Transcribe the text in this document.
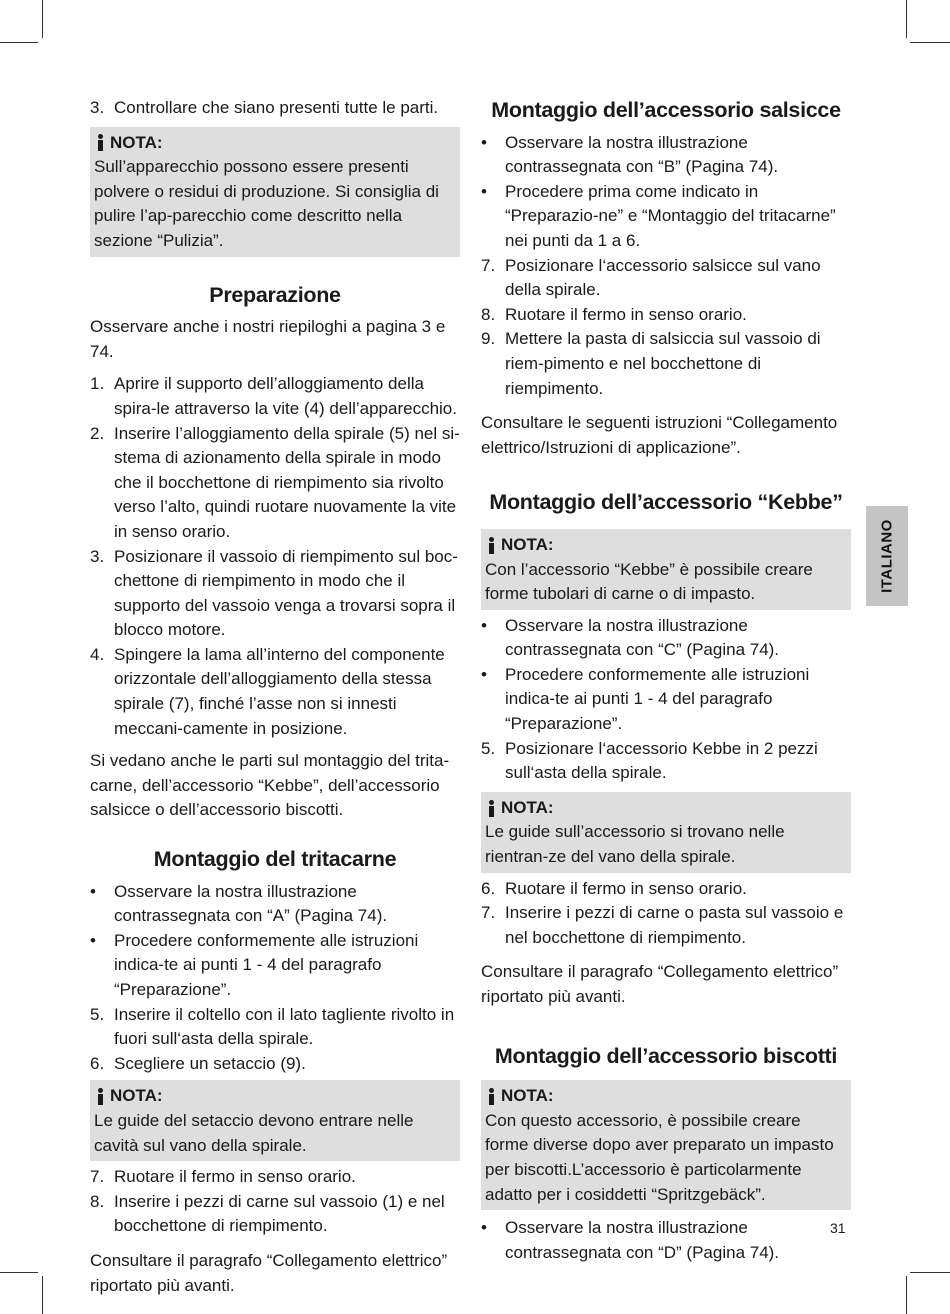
3. Controllare che siano presenti tutte le parti.
NOTA:

Sull’apparecchio possono essere presenti polvere o residui di produzione. Si consiglia di pulire l’ap-parecchio come descritto nella sezione “Pulizia”.

Preparazione

Osservare anche i nostri riepiloghi a pagina 3 e 74.

1. Aprire il supporto dell’alloggiamento della spira-le attraverso la vite (4) dell’apparecchio.
2. Inserire l’alloggiamento della spirale (5) nel si-stema di azionamento della spirale in modo che il bocchettone di riempimento sia rivolto verso l’alto, quindi ruotare nuovamente la vite in senso orario.
3. Posizionare il vassoio di riempimento sul boc-chettone di riempimento in modo che il supporto del vassoio venga a trovarsi sopra il blocco motore.
4. Spingere la lama all’interno del componente orizzontale dell’alloggiamento della stessa spirale (7), finché l’asse non si innesti meccani-camente in posizione.

Si vedano anche le parti sul montaggio del trita-carne, dell’accessorio “Kebbe”, dell’accessorio salsicce o dell’accessorio biscotti.

Montaggio del tritacarne
• Osservare la nostra illustrazione contrassegnata con “A” (Pagina 74).
• Procedere conformemente alle istruzioni indica-te ai punti 1 - 4 del paragrafo “Preparazione”.
5. Inserire il coltello con il lato tagliente rivolto in fuori sull‘asta della spirale.
6. Scegliere un setaccio (9).
NOTA:

Le guide del setaccio devono entrare nelle cavità sul vano della spirale.

7. Ruotare il fermo in senso orario.
8. Inserire i pezzi di carne sul vassoio (1) e nel bocchettone di riempimento.

Consultare il paragrafo “Collegamento elettrico” riportato più avanti.

Montaggio dell’accessorio salsicce
• Osservare la nostra illustrazione contrassegnata con “B” (Pagina 74).
• Procedere prima come indicato in “Preparazio-ne” e “Montaggio del tritacarne” nei punti da 1 a 6.
7. Posizionare l‘accessorio salsicce sul vano della spirale.
8. Ruotare il fermo in senso orario.
9. Mettere la pasta di salsiccia sul vassoio di riem-pimento e nel bocchettone di riempimento.

Consultare le seguenti istruzioni “Collegamento elettrico/Istruzioni di applicazione”.

Montaggio dell’accessorio “Kebbe”
NOTA:

Con l’accessorio “Kebbe” è possibile creare forme tubolari di carne o di impasto.

• Osservare la nostra illustrazione contrassegnata con “C” (Pagina 74).
• Procedere conformemente alle istruzioni indica-te ai punti 1 - 4 del paragrafo “Preparazione”.
5. Posizionare l‘accessorio Kebbe in 2 pezzi sull‘asta della spirale.
NOTA:

Le guide sull’accessorio si trovano nelle rientran-ze del vano della spirale.

6. Ruotare il fermo in senso orario.
7. Inserire i pezzi di carne o pasta sul vassoio e nel bocchettone di riempimento.

Consultare il paragrafo “Collegamento elettrico” riportato più avanti.

Montaggio dell’accessorio biscotti
NOTA:

Con questo accessorio, è possibile creare forme diverse dopo aver preparato un impasto per biscotti.L’accessorio è particolarmente adatto per i cosiddetti “Spritzgebäck”.

• Osservare la nostra illustrazione contrassegnata con “D” (Pagina 74).
ITALIANO
31
